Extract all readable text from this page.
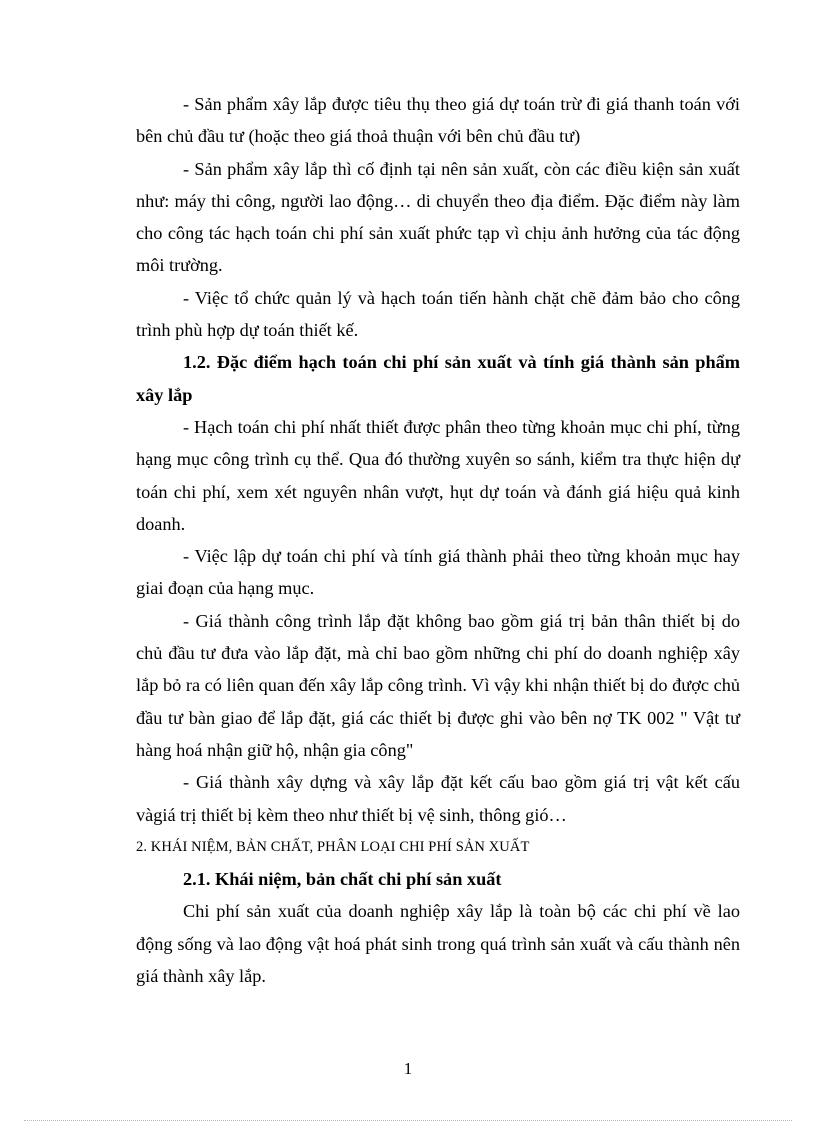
- Sản phẩm xây lắp được tiêu thụ theo giá dự toán trừ đi giá thanh toán với bên chủ đầu tư (hoặc theo giá thoả thuận với bên chủ đầu tư)

- Sản phẩm xây lắp thì cố định tại nên sản xuất, còn các điều kiện sản xuất như: máy thi công, người lao động… di chuyển theo địa điểm. Đặc điểm này làm cho công tác hạch toán chi phí sản xuất phức tạp vì chịu ảnh hưởng của tác động môi trường.

- Việc tổ chức quản lý và hạch toán tiến hành chặt chẽ đảm bảo cho công trình phù hợp dự toán thiết kế.

1.2. Đặc điểm hạch toán chi phí sản xuất và tính giá thành sản phẩm xây lắp

- Hạch toán chi phí nhất thiết được phân theo từng khoản mục chi phí, từng hạng mục công trình cụ thể. Qua đó thường xuyên so sánh, kiểm tra thực hiện dự toán chi phí, xem xét nguyên nhân vượt, hụt dự toán và đánh giá hiệu quả kinh doanh.

- Việc lập dự toán chi phí và tính giá thành phải theo từng khoản mục hay giai đoạn của hạng mục.

- Giá thành công trình lắp đặt không bao gồm giá trị bản thân thiết bị do chủ đầu tư đưa vào lắp đặt, mà chỉ bao gồm những chi phí do doanh nghiệp xây lắp bỏ ra có liên quan đến xây lắp công trình. Vì vậy khi nhận thiết bị do được chủ đầu tư bàn giao để lắp đặt, giá các thiết bị được ghi vào bên nợ TK 002 " Vật tư hàng hoá nhận giữ hộ, nhận gia công"

- Giá thành xây dựng và xây lắp đặt kết cấu bao gồm giá trị vật kết cấu vàgiá trị thiết bị kèm theo như thiết bị vệ sinh, thông gió…

2. KHÁI NIỆM, BẢN CHẤT, PHÂN LOẠI CHI PHÍ SẢN XUẤT

2.1. Khái niệm, bản chất chi phí sản xuất

Chi phí sản xuất của doanh nghiệp xây lắp là toàn bộ các chi phí về lao động sống và lao động vật hoá phát sinh trong quá trình sản xuất và cấu thành nên giá thành xây lắp.

1
